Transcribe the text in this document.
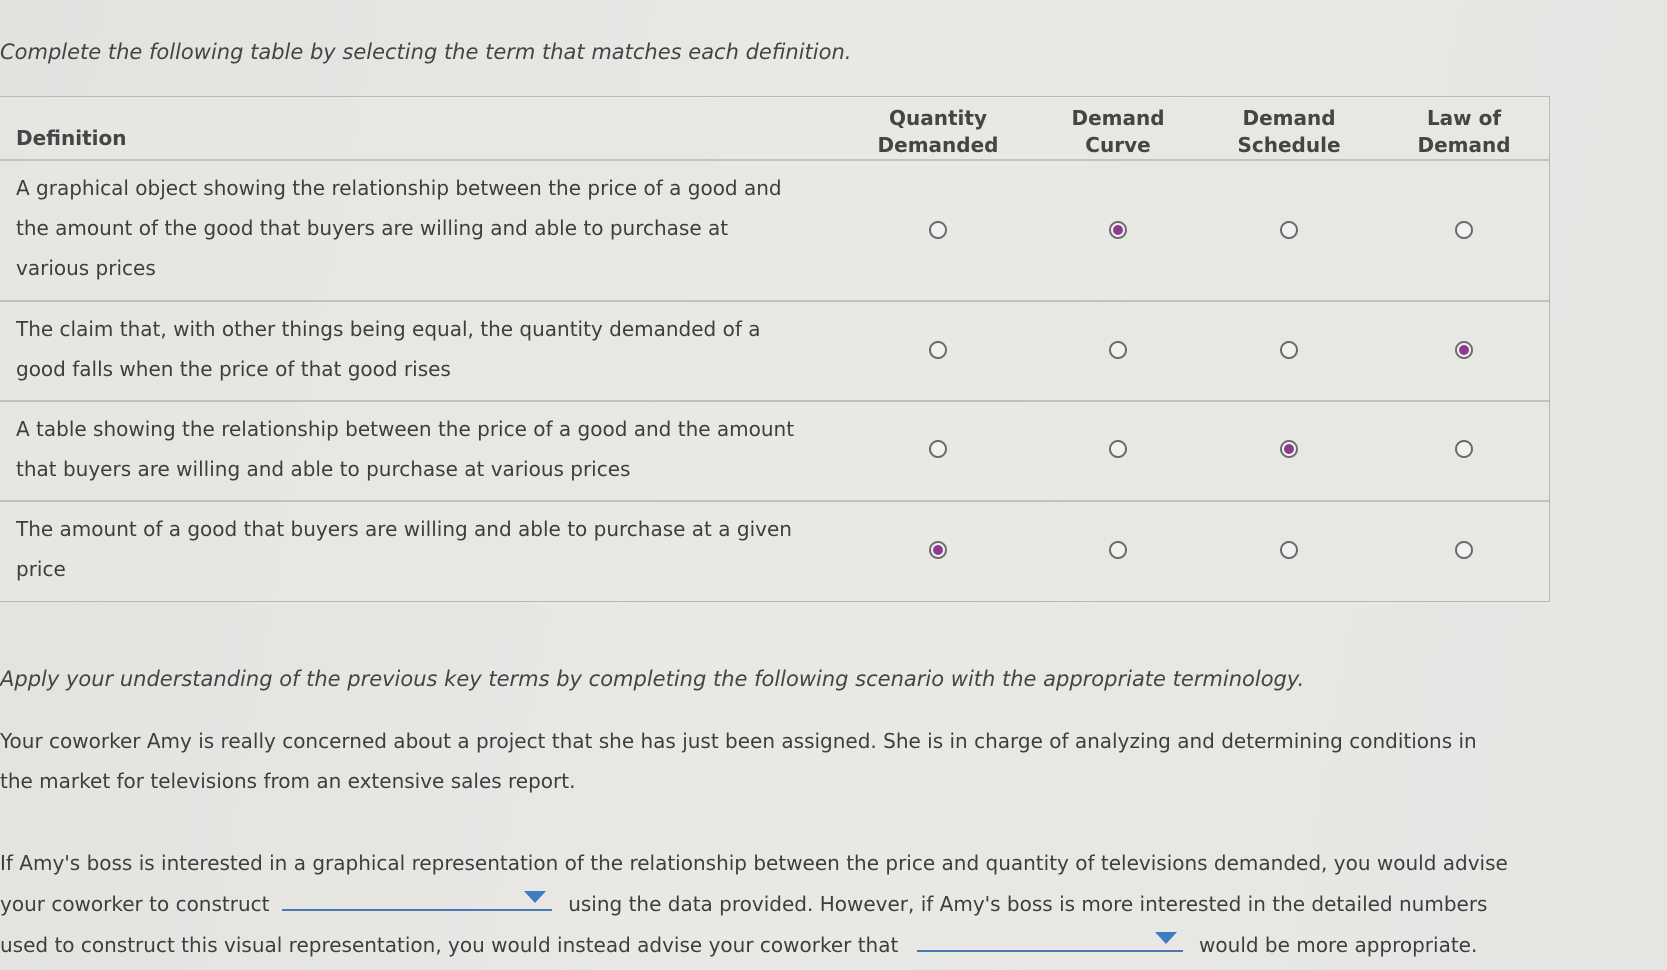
Complete the following table by selecting the term that matches each definition.
Definition
Quantity
Demanded
Demand
Curve
Demand
Schedule
Law of
Demand
A graphical object showing the relationship between the price of a good and
the amount of the good that buyers are willing and able to purchase at
various prices
The claim that, with other things being equal, the quantity demanded of a
good falls when the price of that good rises
A table showing the relationship between the price of a good and the amount
that buyers are willing and able to purchase at various prices
The amount of a good that buyers are willing and able to purchase at a given
price
Apply your understanding of the previous key terms by completing the following scenario with the appropriate terminology.
Your coworker Amy is really concerned about a project that she has just been assigned. She is in charge of analyzing and determining conditions in
the market for televisions from an extensive sales report.
If Amy's boss is interested in a graphical representation of the relationship between the price and quantity of televisions demanded, you would advise
your coworker to construct	using the data provided. However, if Amy's boss is more interested in the detailed numbers
used to construct this visual representation, you would instead advise your coworker that	would be more appropriate.
